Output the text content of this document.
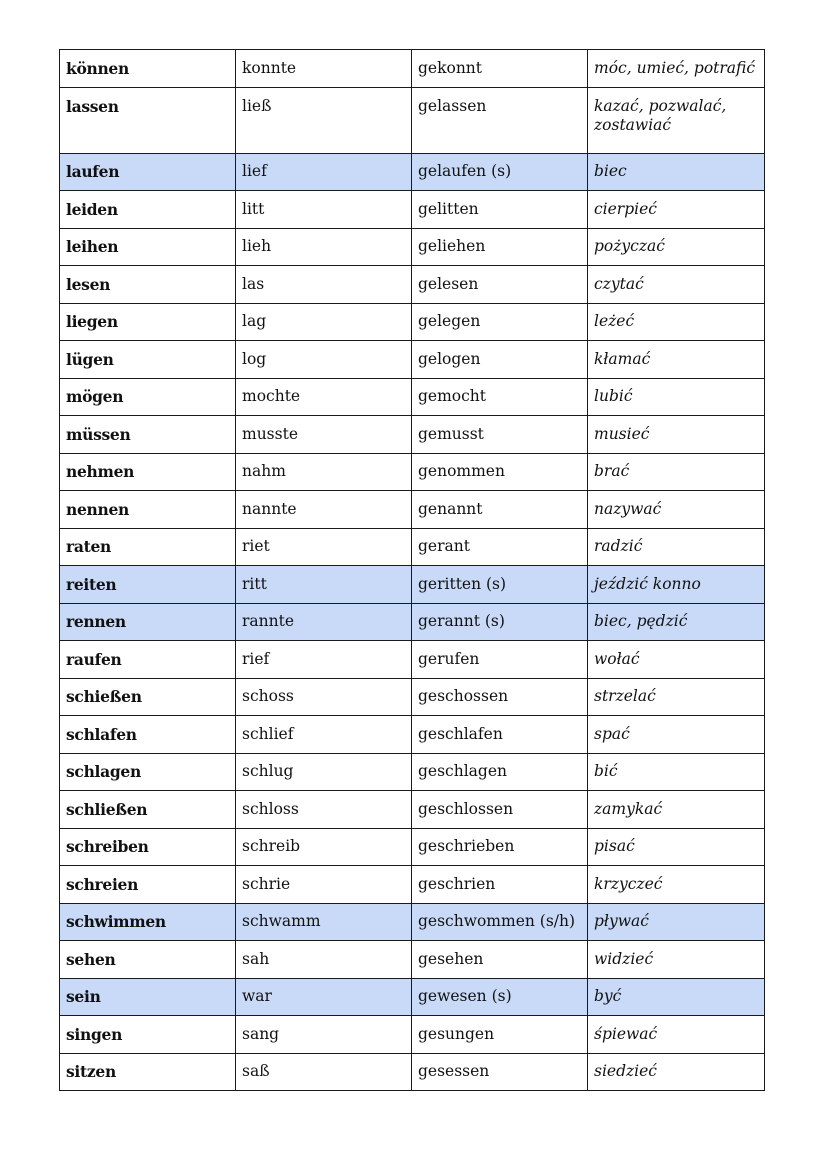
können	konnte	gekonnt	móc, umieć, potrafić
lassen	ließ	gelassen	kazać, pozwalać, zostawiać
laufen	lief	gelaufen (s)	biec
leiden	litt	gelitten	cierpieć
leihen	lieh	geliehen	pożyczać
lesen	las	gelesen	czytać
liegen	lag	gelegen	leżeć
lügen	log	gelogen	kłamać
mögen	mochte	gemocht	lubić
müssen	musste	gemusst	musieć
nehmen	nahm	genommen	brać
nennen	nannte	genannt	nazywać
raten	riet	gerant	radzić
reiten	ritt	geritten (s)	jeździć konno
rennen	rannte	gerannt (s)	biec, pędzić
raufen	rief	gerufen	wołać
schießen	schoss	geschossen	strzelać
schlafen	schlief	geschlafen	spać
schlagen	schlug	geschlagen	bić
schließen	schloss	geschlossen	zamykać
schreiben	schreib	geschrieben	pisać
schreien	schrie	geschrien	krzyczeć
schwimmen	schwamm	geschwommen (s/h)	pływać
sehen	sah	gesehen	widzieć
sein	war	gewesen (s)	być
singen	sang	gesungen	śpiewać
sitzen	saß	gesessen	siedzieć
